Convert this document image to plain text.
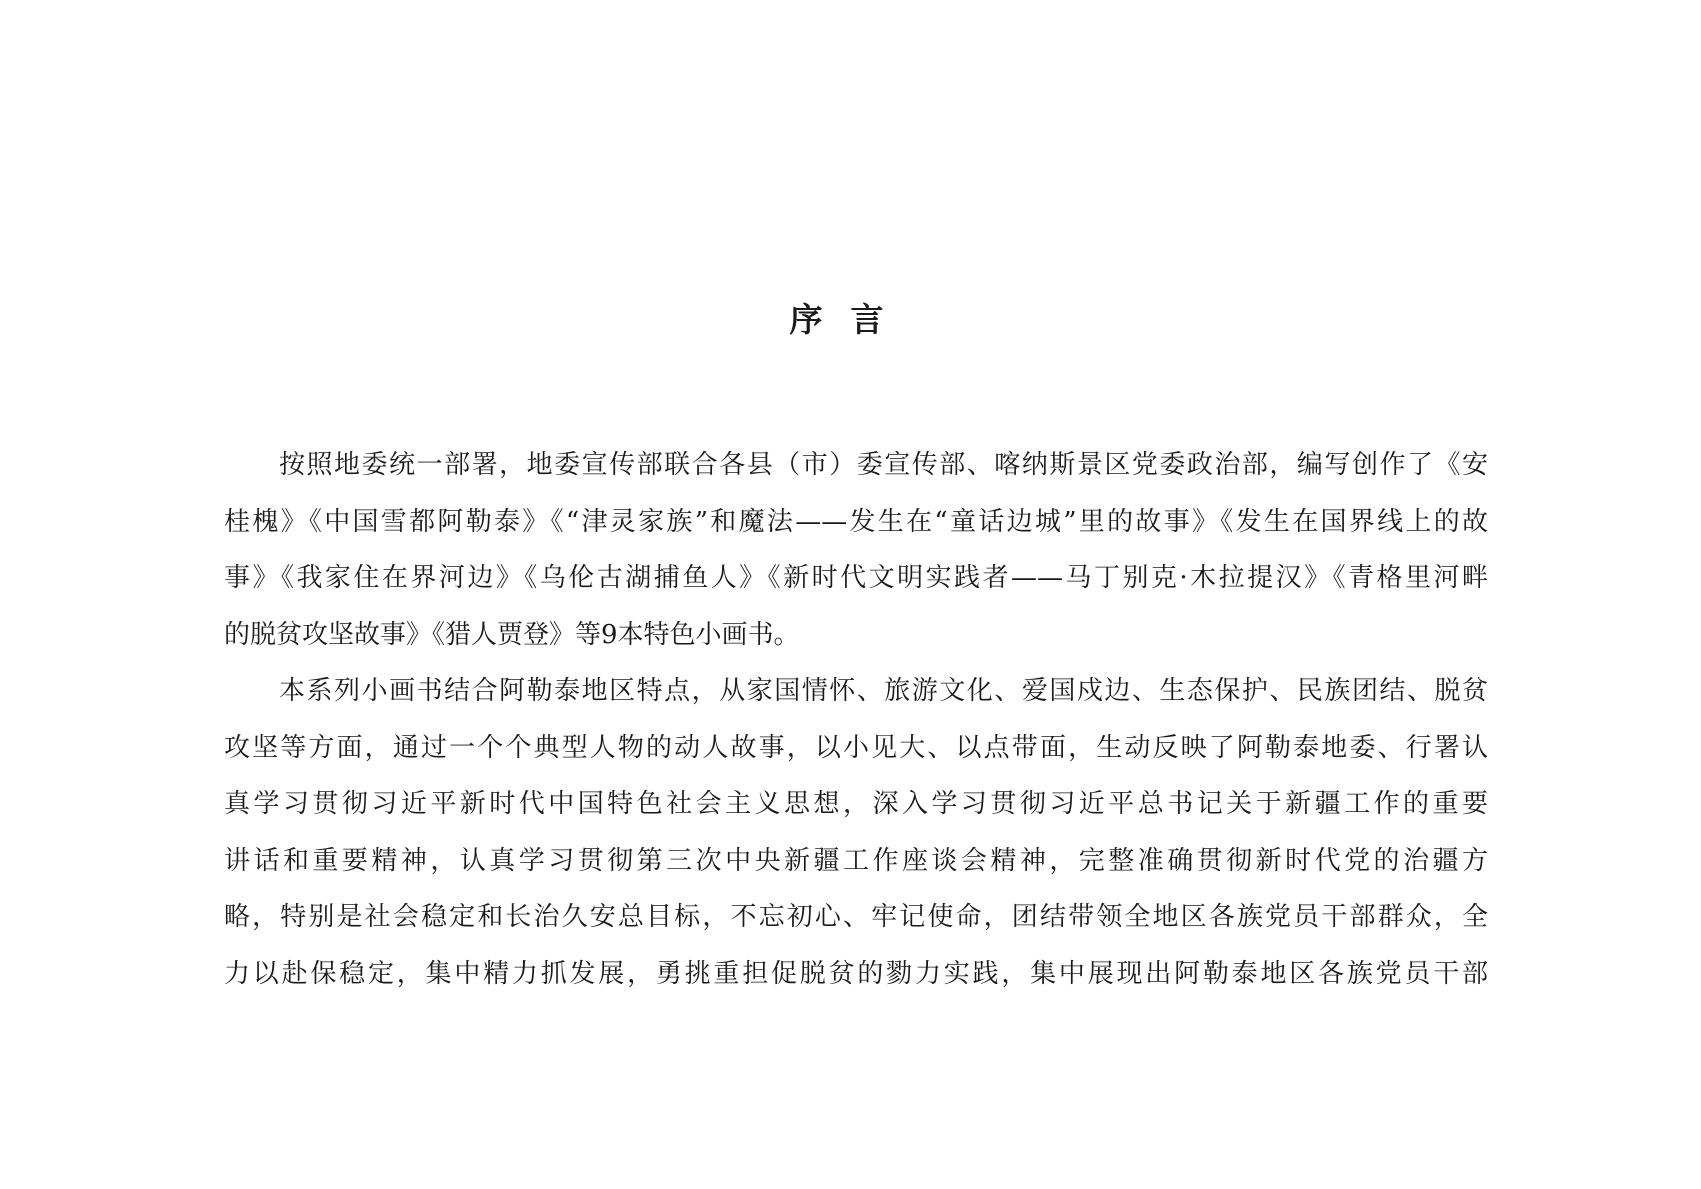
序言

　　按照地委统一部署，地委宣传部联合各县（市）委宣传部、喀纳斯景区党委政治部，编写创作了《安
桂槐》《中国雪都阿勒泰》《“津灵家族”和魔法——发生在“童话边城”里的故事》《发生在国界线上的故
事》《我家住在界河边》《乌伦古湖捕鱼人》《新时代文明实践者——马丁别克·木拉提汉》《青格里河畔
的脱贫攻坚故事》《猎人贾登》等9本特色小画书。

　　本系列小画书结合阿勒泰地区特点，从家国情怀、旅游文化、爱国戍边、生态保护、民族团结、脱贫
攻坚等方面，通过一个个典型人物的动人故事，以小见大、以点带面，生动反映了阿勒泰地委、行署认
真学习贯彻习近平新时代中国特色社会主义思想，深入学习贯彻习近平总书记关于新疆工作的重要
讲话和重要精神，认真学习贯彻第三次中央新疆工作座谈会精神，完整准确贯彻新时代党的治疆方
略，特别是社会稳定和长治久安总目标，不忘初心、牢记使命，团结带领全地区各族党员干部群众，全
力以赴保稳定，集中精力抓发展，勇挑重担促脱贫的勠力实践，集中展现出阿勒泰地区各族党员干部
